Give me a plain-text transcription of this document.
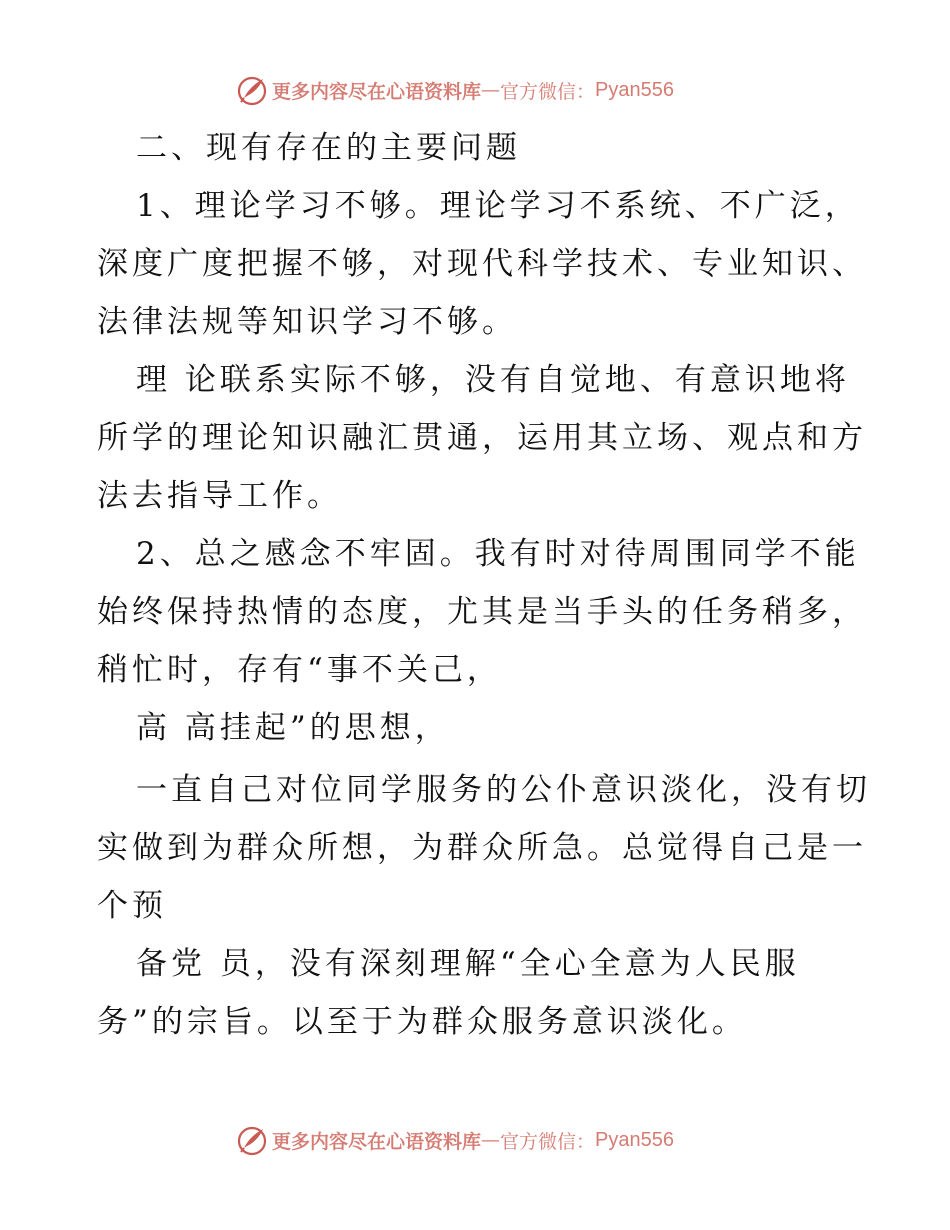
更多内容尽在心语资料库 — 官方微信： Pyan556
二、现有存在的主要问题
1、理论学习不够。理论学习不系统、不广泛，
深度广度把握不够，对现代科学技术、专业知识、
法律法规等知识学习不够。
理 论联系实际不够，没有自觉地、有意识地将
所学的理论知识融汇贯通，运用其立场、观点和方
法去指导工作。
2、总之感念不牢固。我有时对待周围同学不能
始终保持热情的态度，尤其是当手头的任务稍多，
稍忙时，存有“事不关己，
高 高挂起”的思想，
一直自己对位同学服务的公仆意识淡化，没有切
实做到为群众所想，为群众所急。总觉得自己是一
个预
备党 员，没有深刻理解“全心全意为人民服
务”的宗旨。以至于为群众服务意识淡化。
更多内容尽在心语资料库 — 官方微信： Pyan556
